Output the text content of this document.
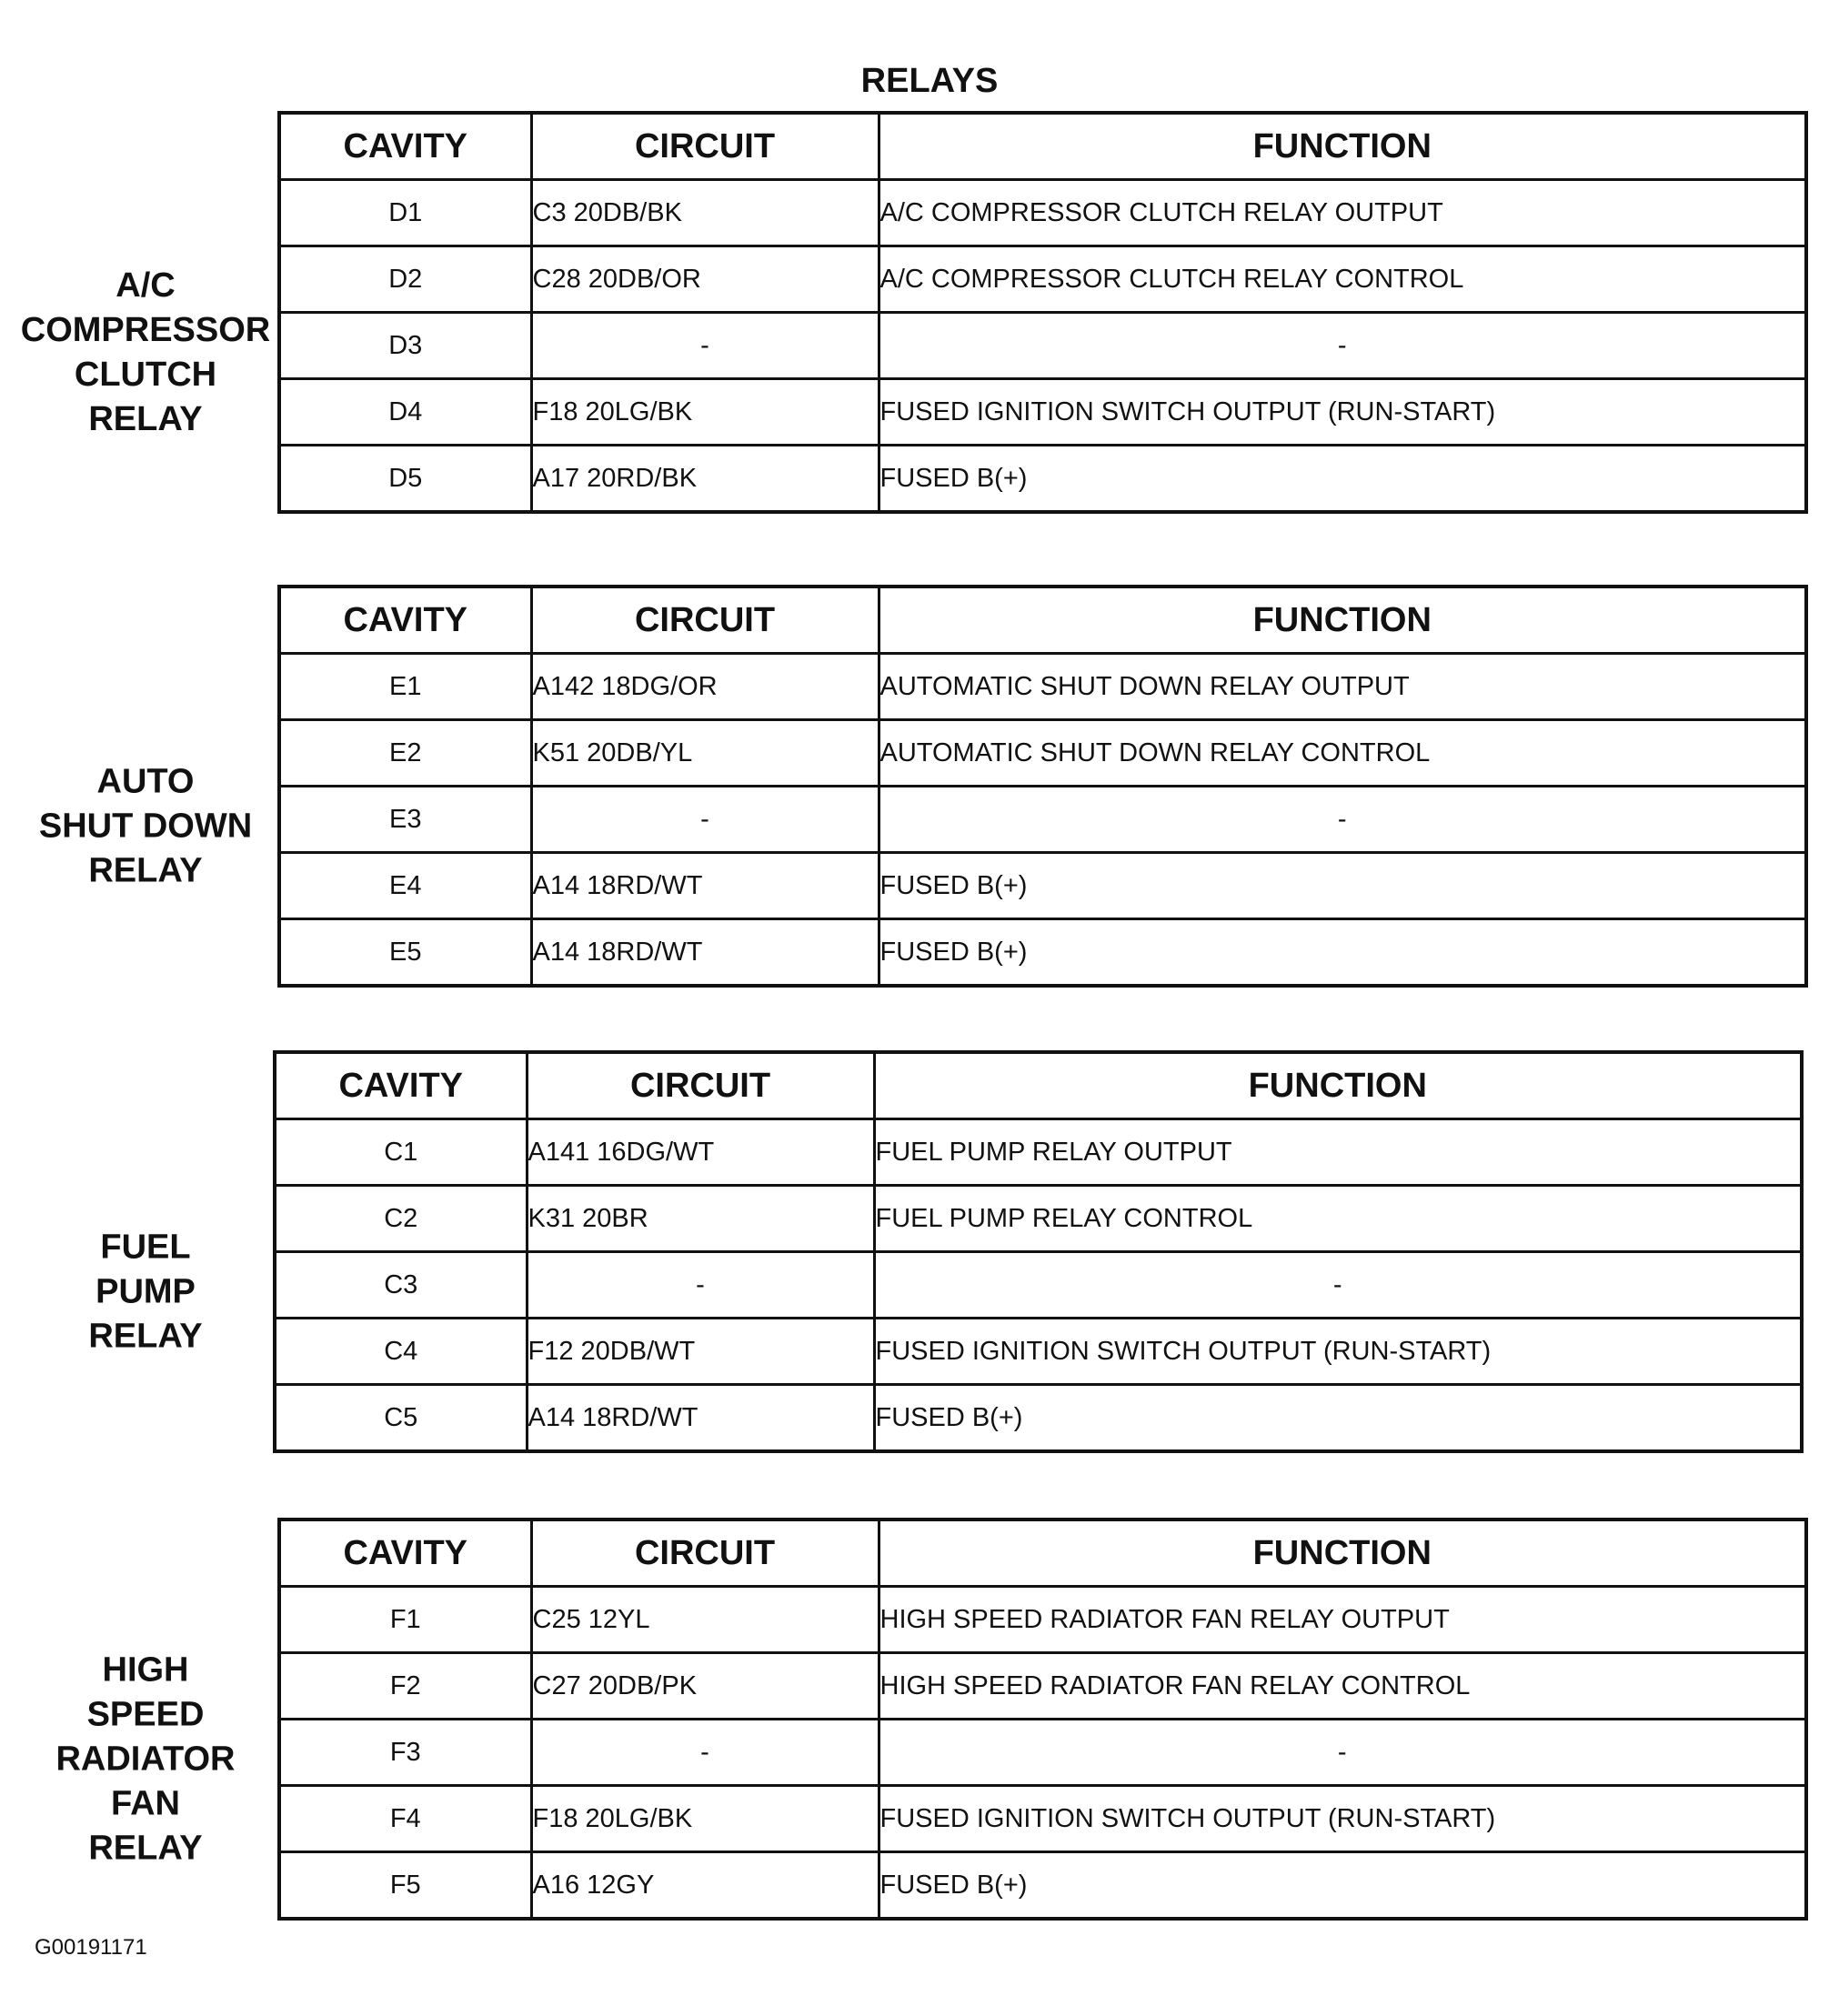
RELAYS
A/C
COMPRESSOR
CLUTCH
RELAY
CAVITY	CIRCUIT	FUNCTION
D1	C3 20DB/BK	A/C COMPRESSOR CLUTCH RELAY OUTPUT
D2	C28 20DB/OR	A/C COMPRESSOR CLUTCH RELAY CONTROL
D3	-	-
D4	F18 20LG/BK	FUSED IGNITION SWITCH OUTPUT (RUN-START)
D5	A17 20RD/BK	FUSED B(+)
AUTO
SHUT DOWN
RELAY
CAVITY	CIRCUIT	FUNCTION
E1	A142 18DG/OR	AUTOMATIC SHUT DOWN RELAY OUTPUT
E2	K51 20DB/YL	AUTOMATIC SHUT DOWN RELAY CONTROL
E3	-	-
E4	A14 18RD/WT	FUSED B(+)
E5	A14 18RD/WT	FUSED B(+)
FUEL
PUMP
RELAY
CAVITY	CIRCUIT	FUNCTION
C1	A141 16DG/WT	FUEL PUMP RELAY OUTPUT
C2	K31 20BR	FUEL PUMP RELAY CONTROL
C3	-	-
C4	F12 20DB/WT	FUSED IGNITION SWITCH OUTPUT (RUN-START)
C5	A14 18RD/WT	FUSED B(+)
HIGH
SPEED
RADIATOR
FAN
RELAY
CAVITY	CIRCUIT	FUNCTION
F1	C25 12YL	HIGH SPEED RADIATOR FAN RELAY OUTPUT
F2	C27 20DB/PK	HIGH SPEED RADIATOR FAN RELAY CONTROL
F3	-	-
F4	F18 20LG/BK	FUSED IGNITION SWITCH OUTPUT (RUN-START)
F5	A16 12GY	FUSED B(+)
G00191171
